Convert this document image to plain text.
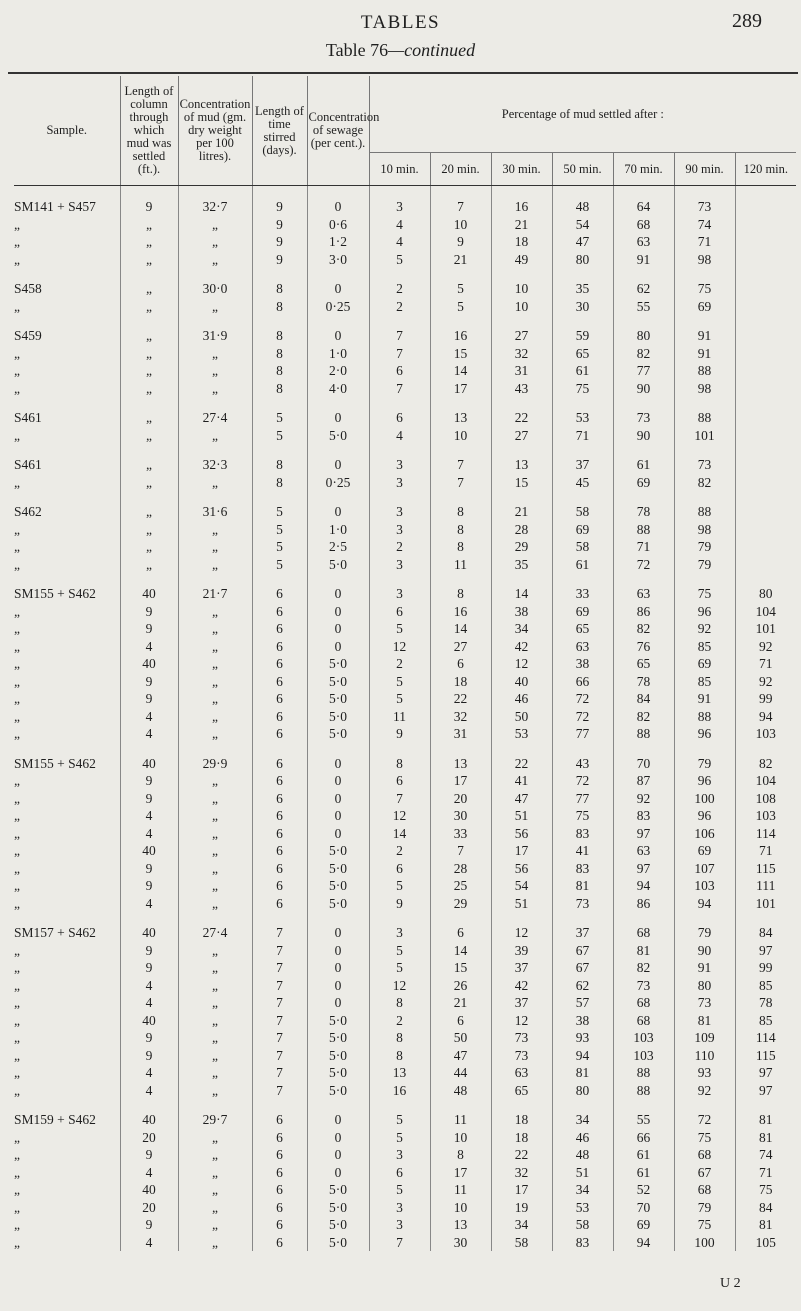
TABLES	289
Table 76—continued
Sample.	Length of column through which mud was settled (ft.).	Concentration of mud (gm. dry weight per 100 litres).	Length of time stirred (days).	Concentration of sewage (per cent.).	Percentage of mud settled after :						
					10 min.	20 min.	30 min.	50 min.	70 min.	90 min.	120 min.

SM141 + S457	9	32·7	9	0	3	7	16	48	64	73	
„	„	„	9	0·6	4	10	21	54	68	74	
„	„	„	9	1·2	4	9	18	47	63	71	
„	„	„	9	3·0	5	21	49	80	91	98	

S458	„	30·0	8	0	2	5	10	35	62	75	
„	„	„	8	0·25	2	5	10	30	55	69	

S459	„	31·9	8	0	7	16	27	59	80	91	
„	„	„	8	1·0	7	15	32	65	82	91	
„	„	„	8	2·0	6	14	31	61	77	88	
„	„	„	8	4·0	7	17	43	75	90	98	

S461	„	27·4	5	0	6	13	22	53	73	88	
„	„	„	5	5·0	4	10	27	71	90	101	

S461	„	32·3	8	0	3	7	13	37	61	73	
„	„	„	8	0·25	3	7	15	45	69	82	

S462	„	31·6	5	0	3	8	21	58	78	88	
„	„	„	5	1·0	3	8	28	69	88	98	
„	„	„	5	2·5	2	8	29	58	71	79	
„	„	„	5	5·0	3	11	35	61	72	79	

SM155 + S462	40	21·7	6	0	3	8	14	33	63	75	80
„	9	„	6	0	6	16	38	69	86	96	104
„	9	„	6	0	5	14	34	65	82	92	101
„	4	„	6	0	12	27	42	63	76	85	92
„	40	„	6	5·0	2	6	12	38	65	69	71
„	9	„	6	5·0	5	18	40	66	78	85	92
„	9	„	6	5·0	5	22	46	72	84	91	99
„	4	„	6	5·0	11	32	50	72	82	88	94
„	4	„	6	5·0	9	31	53	77	88	96	103

SM155 + S462	40	29·9	6	0	8	13	22	43	70	79	82
„	9	„	6	0	6	17	41	72	87	96	104
„	9	„	6	0	7	20	47	77	92	100	108
„	4	„	6	0	12	30	51	75	83	96	103
„	4	„	6	0	14	33	56	83	97	106	114
„	40	„	6	5·0	2	7	17	41	63	69	71
„	9	„	6	5·0	6	28	56	83	97	107	115
„	9	„	6	5·0	5	25	54	81	94	103	111
„	4	„	6	5·0	9	29	51	73	86	94	101

SM157 + S462	40	27·4	7	0	3	6	12	37	68	79	84
„	9	„	7	0	5	14	39	67	81	90	97
„	9	„	7	0	5	15	37	67	82	91	99
„	4	„	7	0	12	26	42	62	73	80	85
„	4	„	7	0	8	21	37	57	68	73	78
„	40	„	7	5·0	2	6	12	38	68	81	85
„	9	„	7	5·0	8	50	73	93	103	109	114
„	9	„	7	5·0	8	47	73	94	103	110	115
„	4	„	7	5·0	13	44	63	81	88	93	97
„	4	„	7	5·0	16	48	65	80	88	92	97

SM159 + S462	40	29·7	6	0	5	11	18	34	55	72	81
„	20	„	6	0	5	10	18	46	66	75	81
„	9	„	6	0	3	8	22	48	61	68	74
„	4	„	6	0	6	17	32	51	61	67	71
„	40	„	6	5·0	5	11	17	34	52	68	75
„	20	„	6	5·0	3	10	19	53	70	79	84
„	9	„	6	5·0	3	13	34	58	69	75	81
„	4	„	6	5·0	7	30	58	83	94	100	105
U 2
